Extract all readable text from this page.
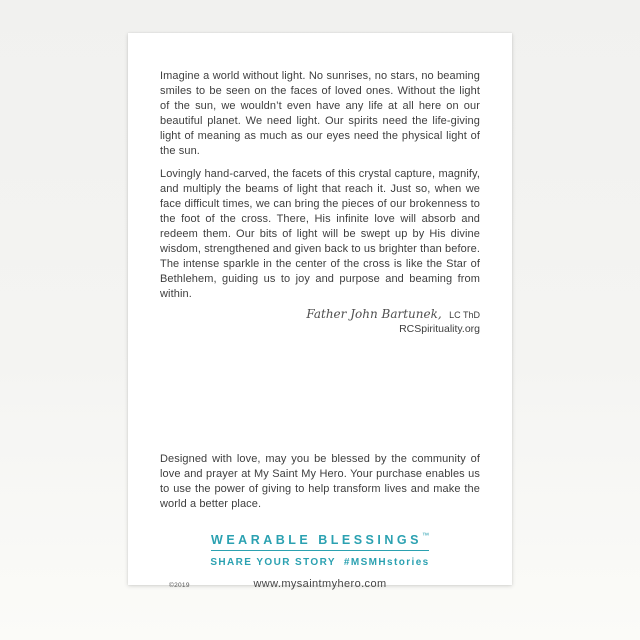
Imagine a world without light. No sunrises, no stars, no beaming smiles to be seen on the faces of loved ones. Without the light of the sun, we wouldn’t even have any life at all here on our beautiful planet. We need light. Our spirits need the life-giving light of meaning as much as our eyes need the physical light of the sun.

Lovingly hand-carved, the facets of this crystal capture, magnify, and multiply the beams of light that reach it. Just so, when we face difficult times, we can bring the pieces of our brokenness to the foot of the cross. There, His infinite love will absorb and redeem them. Our bits of light will be swept up by His divine wisdom, strengthened and given back to us brighter than before. The intense sparkle in the center of the cross is like the Star of Bethlehem, guiding us to joy and purpose and beaming from within.

Father John Bartunek, LC ThD
RCSpirituality.org

Designed with love, may you be blessed by the community of love and prayer at My Saint My Hero. Your purchase enables us to use the power of giving to help transform lives and make the world a better place.

WEARABLE BLESSINGS™
SHARE YOUR STORY #MSMHstories
©2019	www.mysaintmyhero.com
